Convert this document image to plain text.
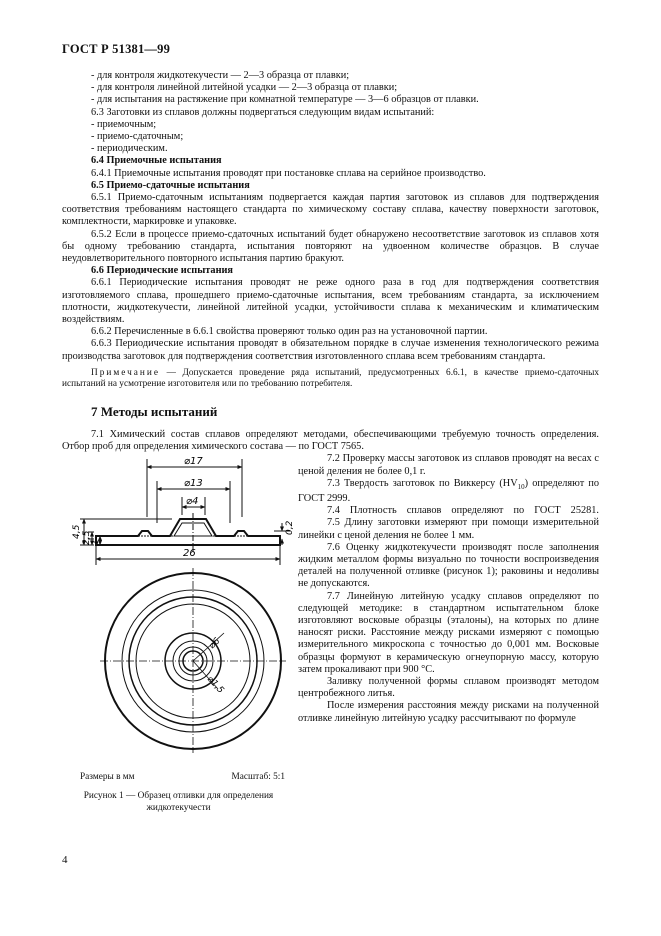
ГОСТ Р 51381—99

- для контроля жидкотекучести — 2—3 образца от плавки;

- для контроля линейной литейной усадки — 2—3 образца от плавки;

- для испытания на растяжение при комнатной температуре — 3—6 образцов от плавки.

6.3 Заготовки из сплавов должны подвергаться следующим видам испытаний:

- приемочным;

- приемо-сдаточным;

- периодическим.

6.4 Приемочные испытания

6.4.1 Приемочные испытания проводят при постановке сплава на серийное производство.

6.5 Приемо-сдаточные испытания

6.5.1 Приемо-сдаточным испытаниям подвергается каждая партия заготовок из сплавов для подтверждения соответствия требованиям настоящего стандарта по химическому составу сплава, качеству поверхности заготовок, комплектности, маркировке и упаковке.

6.5.2 Если в процессе приемо-сдаточных испытаний будет обнаружено несоответствие заготовок из сплавов хотя бы одному требованию стандарта, испытания повторяют на удвоенном количестве образцов. В случае неудовлетворительного повторного испытания партию бракуют.

6.6 Периодические испытания

6.6.1 Периодические испытания проводят не реже одного раза в год для подтверждения соответствия изготовляемого сплава, прошедшего приемо-сдаточные испытания, всем требованиям стандарта, за исключением плотности, жидкотекучести, линейной литейной усадки, устойчивости сплава к механическим и климатическим воздействиям.

6.6.2 Перечисленные в 6.6.1 свойства проверяют только один раз на установочной партии.

6.6.3 Периодические испытания проводят в обязательном порядке в случае изменения технологического режима производства заготовок для подтверждения соответствия изготовленного сплава всем требованиям стандарта.

Примечание — Допускается проведение ряда испытаний, предусмотренных 6.6.1, в качестве приемо-сдаточных испытаний на усмотрение изготовителя или по требованию потребителя.

7 Методы испытаний

7.1 Химический состав сплавов определяют методами, обеспечивающими требуемую точность определения. Отбор проб для определения химического состава — по ГОСТ 7565.

⌀17
⌀13
⌀4
4,5 2,5 1
0,2
26
⌀6
⌀1,5
Размеры в мм	Масштаб: 5:1
Рисунок 1 — Образец отливки для определения жидкотекучести

7.2 Проверку массы заготовок из сплавов проводят на весах с ценой деления не более 0,1 г.

7.3 Твердость заготовок по Виккерсу $(HV_{10})$ определяют по ГОСТ 2999.

7.4 Плотность сплавов определяют по ГОСТ 25281.

7.5 Длину заготовки измеряют при помощи измерительной линейки с ценой деления не более 1 мм.

7.6 Оценку жидкотекучести производят после заполнения жидким металлом формы визуально по точности воспроизведения деталей на полученной отливке (рисунок 1); раковины и недоливы не допускаются.

7.7 Линейную литейную усадку сплавов определяют по следующей методике: в стандартном испытательном блоке изготовляют восковые образцы (эталоны), на которых по длине наносят риски. Расстояние между рисками измеряют с помощью измерительного микроскопа с точностью до 0,001 мм. Восковые образцы формуют в керамическую огнеупорную массу, которую затем прокаливают при 900 °С.

Заливку полученной формы сплавом производят методом центробежного литья.

После измерения расстояния между рисками на полученной отливке линейную литейную усадку рассчитывают по формуле

4
